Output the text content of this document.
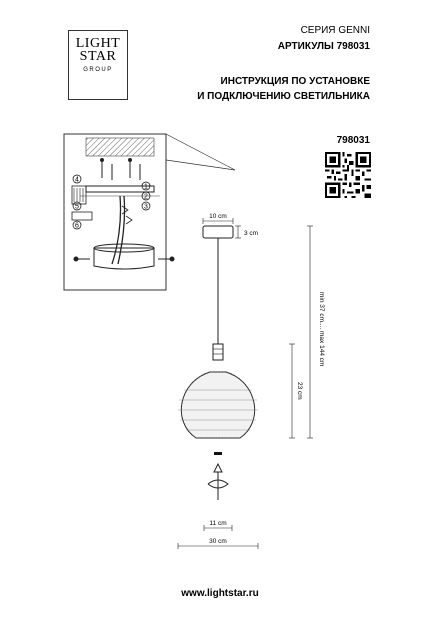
LIGHT
STAR
GROUP
СЕРИЯ GENNI
АРТИКУЛЫ 798031
ИНСТРУКЦИЯ ПО УСТАНОВКЕ
И ПОДКЛЮЧЕНИЮ СВЕТИЛЬНИКА
798031
4
5
6
1
2
3
10 cm
3 cm
min 37 cm.... max 144 cm
23 cm
11 cm
30 cm
www.lightstar.ru
